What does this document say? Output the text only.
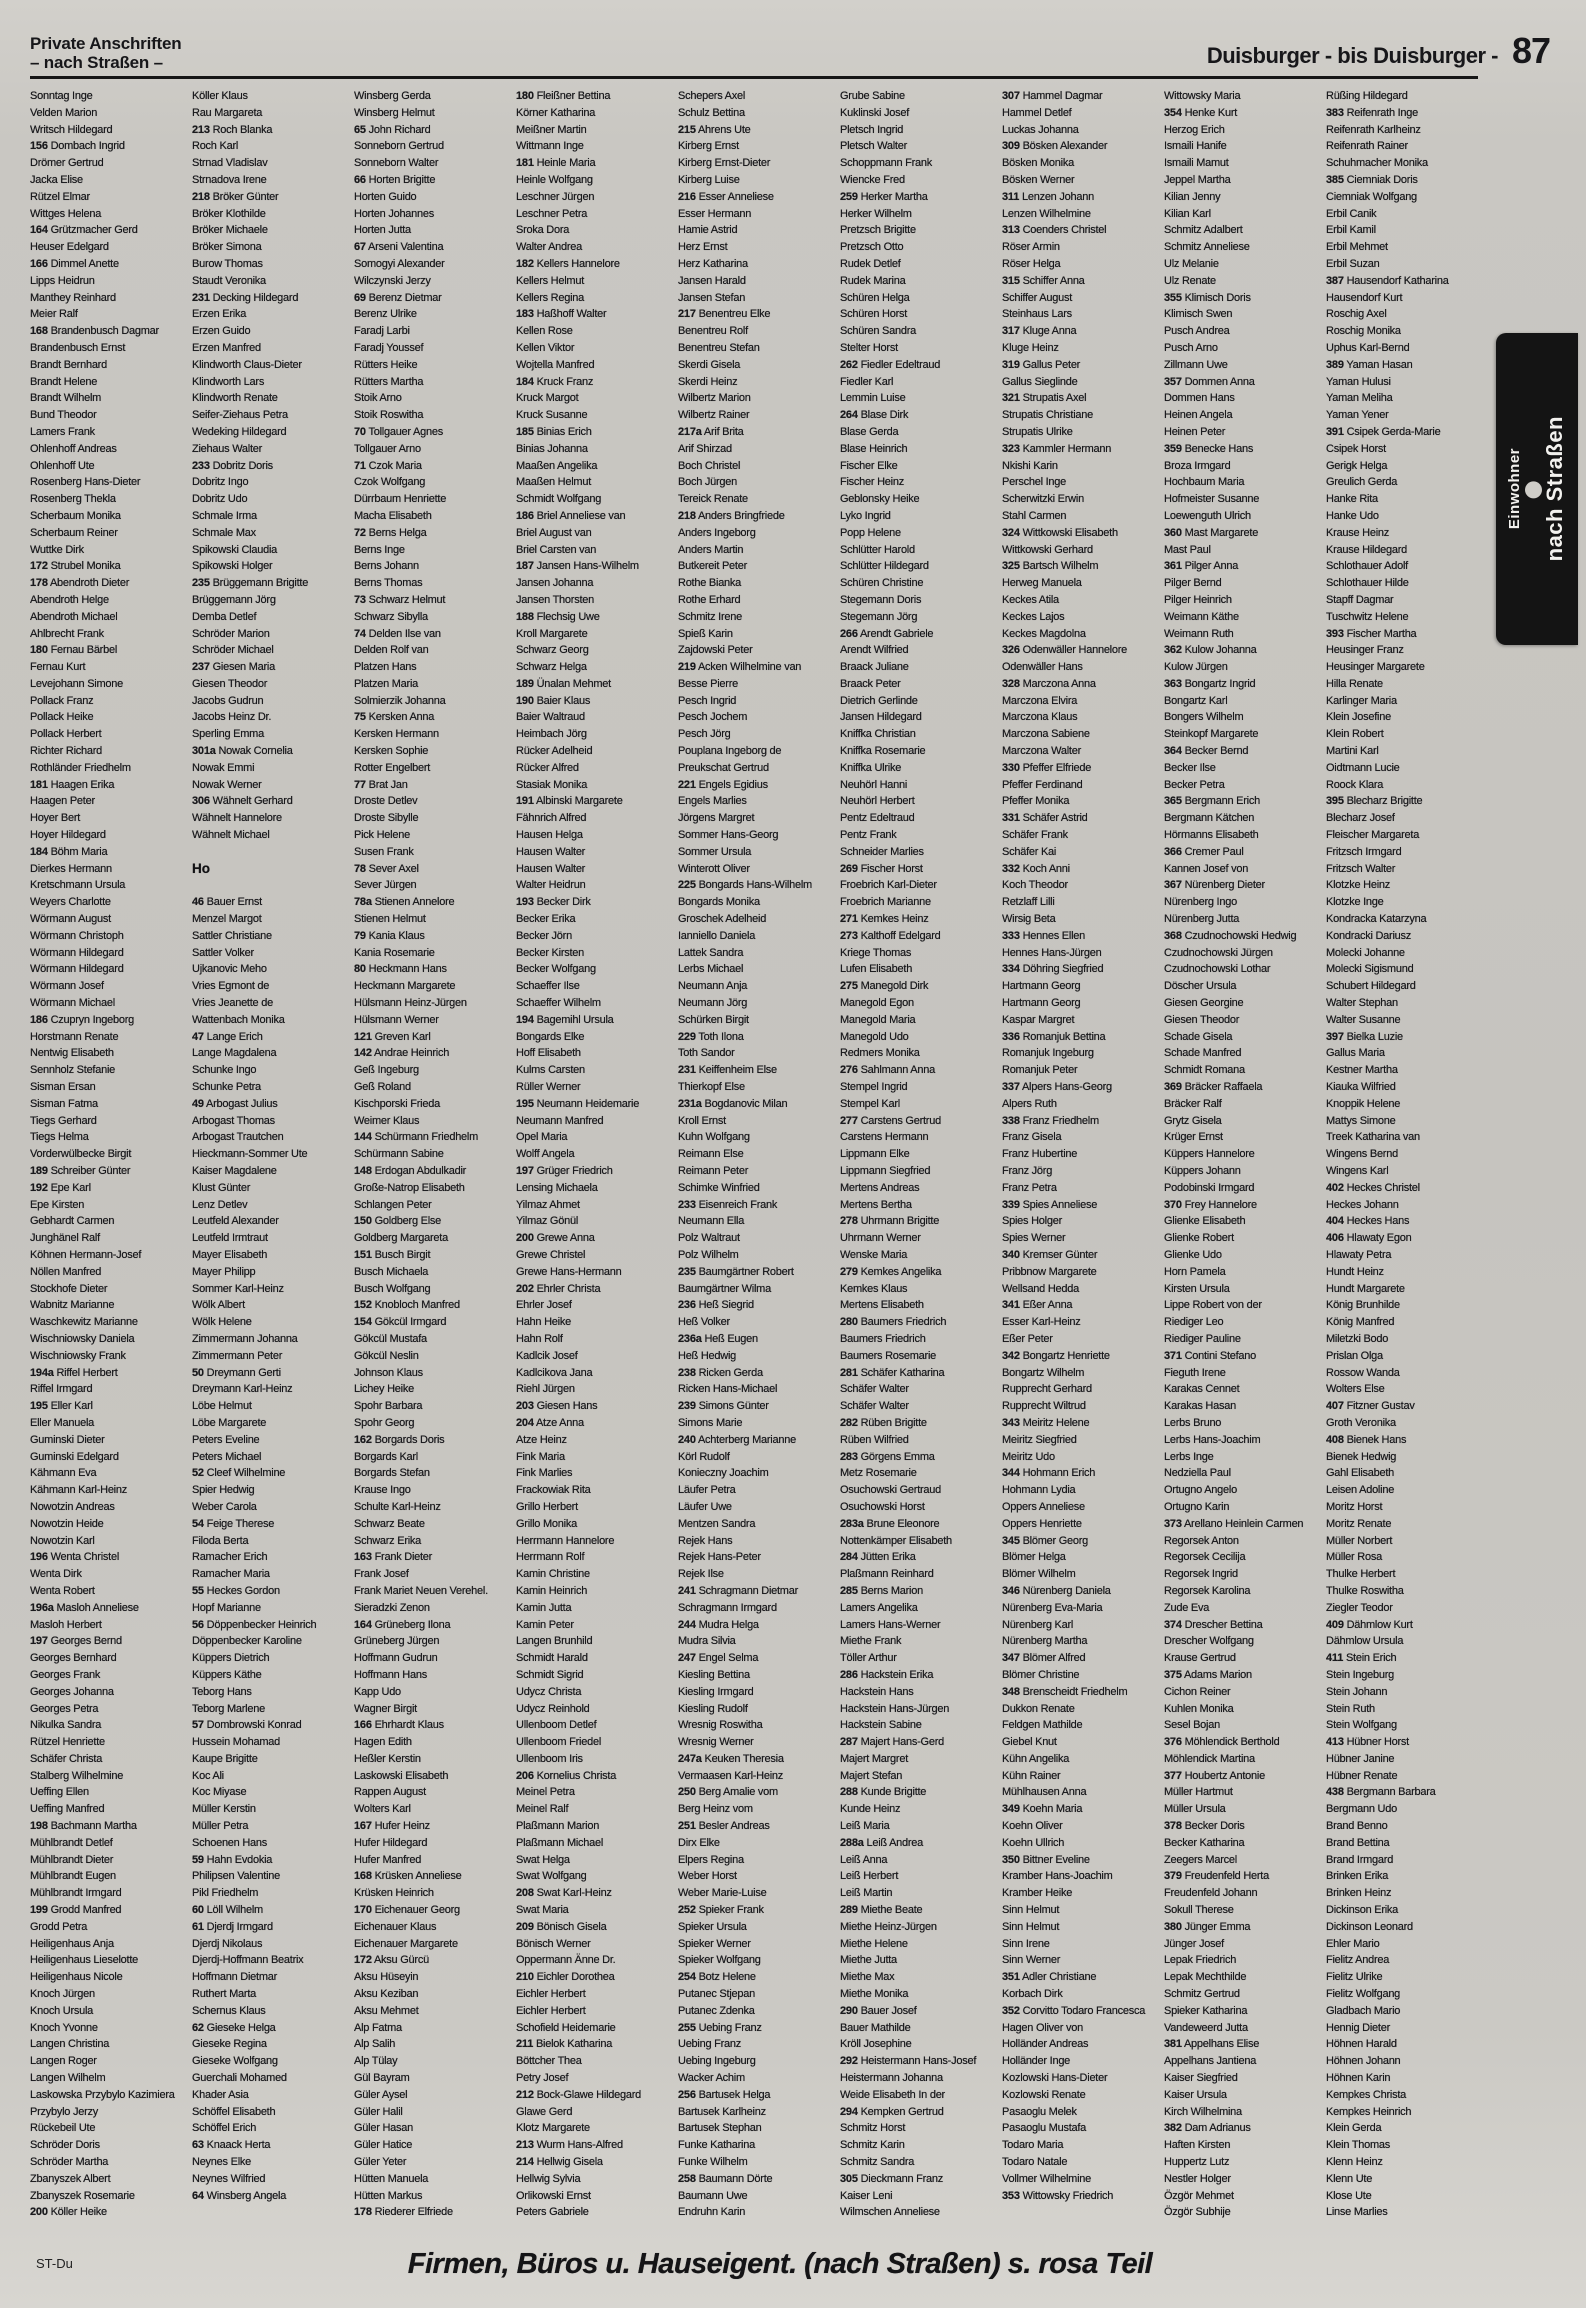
Private Anschriften
– nach Straßen –	Duisburger - bis Duisburger - 87
Sonntag Inge
Velden Marion
Writsch Hildegard
156 Dombach Ingrid
Drömer Gertrud
Jacka Elise
Rützel Elmar
Wittges Helena
164 Grützmacher Gerd
Heuser Edelgard
166 Dimmel Anette
Lipps Heidrun
Manthey Reinhard
Meier Ralf
168 Brandenbusch Dagmar
Brandenbusch Ernst
Brandt Bernhard
Brandt Helene
Brandt Wilhelm
Bund Theodor
Lamers Frank
Ohlenhoff Andreas
Ohlenhoff Ute
Rosenberg Hans-Dieter
Rosenberg Thekla
Scherbaum Monika
Scherbaum Reiner
Wuttke Dirk
172 Strubel Monika
178 Abendroth Dieter
Abendroth Helge
Abendroth Michael
Ahlbrecht Frank
180 Fernau Bärbel
Fernau Kurt
Levejohann Simone
Pollack Franz
Pollack Heike
Pollack Herbert
Richter Richard
Rothländer Friedhelm
181 Haagen Erika
Haagen Peter
Hoyer Bert
Hoyer Hildegard
184 Böhm Maria
Dierkes Hermann
Kretschmann Ursula
Weyers Charlotte
Wörmann August
Wörmann Christoph
Wörmann Hildegard
Wörmann Hildegard
Wörmann Josef
Wörmann Michael
186 Czupryn Ingeborg
Horstmann Renate
Nentwig Elisabeth
Sennholz Stefanie
Sisman Ersan
Sisman Fatma
Tiegs Gerhard
Tiegs Helma
Vorderwülbecke Birgit
189 Schreiber Günter
192 Epe Karl
Epe Kirsten
Gebhardt Carmen
Junghänel Ralf
Köhnen Hermann-Josef
Nöllen Manfred
Stockhofe Dieter
Wabnitz Marianne
Waschkewitz Marianne
Wischniowsky Daniela
Wischniowsky Frank
194a Riffel Herbert
Riffel Irmgard
195 Eller Karl
Eller Manuela
Guminski Dieter
Guminski Edelgard
Kähmann Eva
Kähmann Karl-Heinz
Nowotzin Andreas
Nowotzin Heide
Nowotzin Karl
196 Wenta Christel
Wenta Dirk
Wenta Robert
196a Masloh Anneliese
Masloh Herbert
197 Georges Bernd
Georges Bernhard
Georges Frank
Georges Johanna
Georges Petra
Nikulka Sandra
Rützel Henriette
Schäfer Christa
Stalberg Wilhelmine
Ueffing Ellen
Ueffing Manfred
198 Bachmann Martha
Mühlbrandt Detlef
Mühlbrandt Dieter
Mühlbrandt Eugen
Mühlbrandt Irmgard
199 Grodd Manfred
Grodd Petra
Heiligenhaus Anja
Heiligenhaus Lieselotte
Heiligenhaus Nicole
Knoch Jürgen
Knoch Ursula
Knoch Yvonne
Langen Christina
Langen Roger
Langen Wilhelm
Laskowska Przybylo Kazimiera
Przybylo Jerzy
Rückebeil Ute
Schröder Doris
Schröder Martha
Zbanyszek Albert
Zbanyszek Rosemarie
200 Köller Heike
Köller Klaus
Rau Margareta
213 Roch Blanka
Roch Karl
Strnad Vladislav
Strnadova Irene
218 Bröker Günter
Bröker Klothilde
Bröker Michaele
Bröker Simona
Burow Thomas
Staudt Veronika
231 Decking Hildegard
Erzen Erika
Erzen Guido
Erzen Manfred
Klindworth Claus-Dieter
Klindworth Lars
Klindworth Renate
Seifer-Ziehaus Petra
Wedeking Hildegard
Ziehaus Walter
233 Dobritz Doris
Dobritz Ingo
Dobritz Udo
Schmale Irma
Schmale Max
Spikowski Claudia
Spikowski Holger
235 Brüggemann Brigitte
Brüggemann Jörg
Demba Detlef
Schröder Marion
Schröder Michael
237 Giesen Maria
Giesen Theodor
Jacobs Gudrun
Jacobs Heinz Dr.
Sperling Emma
301a Nowak Cornelia
Nowak Emmi
Nowak Werner
306 Wähnelt Gerhard
Wähnelt Hannelore
Wähnelt Michael
Ho
46 Bauer Ernst
Menzel Margot
Sattler Christiane
Sattler Volker
Ujkanovic Meho
Vries Egmont de
Vries Jeanette de
Wattenbach Monika
47 Lange Erich
Lange Magdalena
Schunke Ingo
Schunke Petra
49 Arbogast Julius
Arbogast Thomas
Arbogast Trautchen
Hieckmann-Sommer Ute
Kaiser Magdalene
Klust Günter
Lenz Detlev
Leutfeld Alexander
Leutfeld Irmtraut
Mayer Elisabeth
Mayer Philipp
Sommer Karl-Heinz
Wölk Albert
Wölk Helene
Zimmermann Johanna
Zimmermann Peter
50 Dreymann Gerti
Dreymann Karl-Heinz
Löbe Helmut
Löbe Margarete
Peters Eveline
Peters Michael
52 Cleef Wilhelmine
Spier Hedwig
Weber Carola
54 Feige Therese
Filoda Berta
Ramacher Erich
Ramacher Maria
55 Heckes Gordon
Hopf Marianne
56 Döppenbecker Heinrich
Döppenbecker Karoline
Küppers Dietrich
Küppers Käthe
Teborg Hans
Teborg Marlene
57 Dombrowski Konrad
Hussein Mohamad
Kaupe Brigitte
Koc Ali
Koc Miyase
Müller Kerstin
Müller Petra
Schoenen Hans
59 Hahn Evdokia
Philipsen Valentine
Pikl Friedhelm
60 Löll Wilhelm
61 Djerdj Irmgard
Djerdj Nikolaus
Djerdj-Hoffmann Beatrix
Hoffmann Dietmar
Ruthert Marta
Schernus Klaus
62 Gieseke Helga
Gieseke Regina
Gieseke Wolfgang
Guerchali Mohamed
Khader Asia
Schöffel Elisabeth
Schöffel Erich
63 Knaack Herta
Neynes Elke
Neynes Wilfried
64 Winsberg Angela
Winsberg Gerda
Winsberg Helmut
65 John Richard
Sonneborn Gertrud
Sonneborn Walter
66 Horten Brigitte
Horten Guido
Horten Johannes
Horten Jutta
67 Arseni Valentina
Somogyi Alexander
Wilczynski Jerzy
69 Berenz Dietmar
Berenz Ulrike
Faradj Larbi
Faradj Youssef
Rütters Heike
Rütters Martha
Stoik Arno
Stoik Roswitha
70 Tollgauer Agnes
Tollgauer Arno
71 Czok Maria
Czok Wolfgang
Dürrbaum Henriette
Macha Elisabeth
72 Berns Helga
Berns Inge
Berns Johann
Berns Thomas
73 Schwarz Helmut
Schwarz Sibylla
74 Delden Ilse van
Delden Rolf van
Platzen Hans
Platzen Maria
Solmierzik Johanna
75 Kersken Anna
Kersken Hermann
Kersken Sophie
Rotter Engelbert
77 Brat Jan
Droste Detlev
Droste Sibylle
Pick Helene
Susen Frank
78 Sever Axel
Sever Jürgen
78a Stienen Annelore
Stienen Helmut
79 Kania Klaus
Kania Rosemarie
80 Heckmann Hans
Heckmann Margarete
Hülsmann Heinz-Jürgen
Hülsmann Werner
121 Greven Karl
142 Andrae Heinrich
Geß Ingeburg
Geß Roland
Kischporski Frieda
Weimer Klaus
144 Schürmann Friedhelm
Schürmann Sabine
148 Erdogan Abdulkadir
Große-Natrop Elisabeth
Schlangen Peter
150 Goldberg Else
Goldberg Margareta
151 Busch Birgit
Busch Michaela
Busch Wolfgang
152 Knobloch Manfred
154 Gökcül Irmgard
Gökcül Mustafa
Gökcül Neslin
Johnson Klaus
Lichey Heike
Spohr Barbara
Spohr Georg
162 Borgards Doris
Borgards Karl
Borgards Stefan
Krause Ingo
Schulte Karl-Heinz
Schwarz Beate
Schwarz Erika
163 Frank Dieter
Frank Josef
Frank Mariet Neuen Verehel.
Sieradzki Zenon
164 Grüneberg Ilona
Grüneberg Jürgen
Hoffmann Gudrun
Hoffmann Hans
Kapp Udo
Wagner Birgit
166 Ehrhardt Klaus
Hagen Edith
Heßler Kerstin
Laskowski Elisabeth
Rappen August
Wolters Karl
167 Hufer Heinz
Hufer Hildegard
Hufer Manfred
168 Krüsken Anneliese
Krüsken Heinrich
170 Eichenauer Georg
Eichenauer Klaus
Eichenauer Margarete
172 Aksu Gürcü
Aksu Hüseyin
Aksu Keziban
Aksu Mehmet
Alp Fatma
Alp Salih
Alp Tülay
Gül Bayram
Güler Aysel
Güler Halil
Güler Hasan
Güler Hatice
Güler Yeter
Hütten Manuela
Hütten Markus
178 Riederer Elfriede
180 Fleißner Bettina
Körner Katharina
Meißner Martin
Wittmann Inge
181 Heinle Maria
Heinle Wolfgang
Leschner Jürgen
Leschner Petra
Sroka Dora
Walter Andrea
182 Kellers Hannelore
Kellers Helmut
Kellers Regina
183 Haßhoff Walter
Kellen Rose
Kellen Viktor
Wojtella Manfred
184 Kruck Franz
Kruck Margot
Kruck Susanne
185 Binias Erich
Binias Johanna
Maaßen Angelika
Maaßen Helmut
Schmidt Wolfgang
186 Briel Anneliese van
Briel August van
Briel Carsten van
187 Jansen Hans-Wilhelm
Jansen Johanna
Jansen Thorsten
188 Flechsig Uwe
Kroll Margarete
Schwarz Georg
Schwarz Helga
189 Ünalan Mehmet
190 Baier Klaus
Baier Waltraud
Heimbach Jörg
Rücker Adelheid
Rücker Alfred
Stasiak Monika
191 Albinski Margarete
Fähnrich Alfred
Hausen Helga
Hausen Walter
Hausen Walter
Walter Heidrun
193 Becker Dirk
Becker Erika
Becker Jörn
Becker Kirsten
Becker Wolfgang
Schaeffer Ilse
Schaeffer Wilhelm
194 Bagemihl Ursula
Bongards Elke
Hoff Elisabeth
Kulms Carsten
Rüller Werner
195 Neumann Heidemarie
Neumann Manfred
Opel Maria
Wolff Angela
197 Grüger Friedrich
Lensing Michaela
Yilmaz Ahmet
Yilmaz Gönül
200 Grewe Anna
Grewe Christel
Grewe Hans-Hermann
202 Ehrler Christa
Ehrler Josef
Hahn Heike
Hahn Rolf
Kadlcik Josef
Kadlcikova Jana
Riehl Jürgen
203 Giesen Hans
204 Atze Anna
Atze Heinz
Fink Maria
Fink Marlies
Frackowiak Rita
Grillo Herbert
Grillo Monika
Herrmann Hannelore
Herrmann Rolf
Kamin Christine
Kamin Heinrich
Kamin Jutta
Kamin Peter
Langen Brunhild
Schmidt Harald
Schmidt Sigrid
Udycz Christa
Udycz Reinhold
Ullenboom Detlef
Ullenboom Friedel
Ullenboom Iris
206 Kornelius Christa
Meinel Petra
Meinel Ralf
Plaßmann Marion
Plaßmann Michael
Swat Helga
Swat Wolfgang
208 Swat Karl-Heinz
Swat Maria
209 Bönisch Gisela
Bönisch Werner
Oppermann Änne Dr.
210 Eichler Dorothea
Eichler Herbert
Eichler Herbert
Schofield Heidemarie
211 Bielok Katharina
Böttcher Thea
Petry Josef
212 Bock-Glawe Hildegard
Glawe Gerd
Klotz Margarete
213 Wurm Hans-Alfred
214 Hellwig Gisela
Hellwig Sylvia
Orlikowski Ernst
Peters Gabriele
Schepers Axel
Schulz Bettina
215 Ahrens Ute
Kirberg Ernst
Kirberg Ernst-Dieter
Kirberg Luise
216 Esser Anneliese
Esser Hermann
Hamie Astrid
Herz Ernst
Herz Katharina
Jansen Harald
Jansen Stefan
217 Benentreu Elke
Benentreu Rolf
Benentreu Stefan
Skerdi Gisela
Skerdi Heinz
Wilbertz Marion
Wilbertz Rainer
217a Arif Brita
Arif Shirzad
Boch Christel
Boch Jürgen
Tereick Renate
218 Anders Bringfriede
Anders Ingeborg
Anders Martin
Butkereit Peter
Rothe Bianka
Rothe Erhard
Schmitz Irene
Spieß Karin
Zajdowski Peter
219 Acken Wilhelmine van
Besse Pierre
Pesch Ingrid
Pesch Jochem
Pesch Jörg
Pouplana Ingeborg de
Preukschat Gertrud
221 Engels Egidius
Engels Marlies
Jörgens Margret
Sommer Hans-Georg
Sommer Ursula
Winterott Oliver
225 Bongards Hans-Wilhelm
Bongards Monika
Groschek Adelheid
Ianniello Daniela
Lattek Sandra
Lerbs Michael
Neumann Anja
Neumann Jörg
Schürken Birgit
229 Toth Ilona
Toth Sandor
231 Keiffenheim Else
Thierkopf Else
231a Bogdanovic Milan
Kroll Ernst
Kuhn Wolfgang
Reimann Else
Reimann Peter
Schimke Winfried
233 Eisenreich Frank
Neumann Ella
Polz Waltraut
Polz Wilhelm
235 Baumgärtner Robert
Baumgärtner Wilma
236 Heß Siegrid
Heß Volker
236a Heß Eugen
Heß Hedwig
238 Ricken Gerda
Ricken Hans-Michael
239 Simons Günter
Simons Marie
240 Achterberg Marianne
Körl Rudolf
Konieczny Joachim
Läufer Petra
Läufer Uwe
Mentzen Sandra
Rejek Hans
Rejek Hans-Peter
Rejek Ilse
241 Schragmann Dietmar
Schragmann Irmgard
244 Mudra Helga
Mudra Silvia
247 Engel Selma
Kiesling Bettina
Kiesling Irmgard
Kiesling Rudolf
Wresnig Roswitha
Wresnig Werner
247a Keuken Theresia
Vermaasen Karl-Heinz
250 Berg Amalie vom
Berg Heinz vom
251 Besler Andreas
Dirx Elke
Elpers Regina
Weber Horst
Weber Marie-Luise
252 Spieker Frank
Spieker Ursula
Spieker Werner
Spieker Wolfgang
254 Botz Helene
Putanec Stjepan
Putanec Zdenka
255 Uebing Franz
Uebing Franz
Uebing Ingeburg
Wacker Achim
256 Bartusek Helga
Bartusek Karlheinz
Bartusek Stephan
Funke Katharina
Funke Wilhelm
258 Baumann Dörte
Baumann Uwe
Endruhn Karin
Grube Sabine
Kuklinski Josef
Pletsch Ingrid
Pletsch Walter
Schoppmann Frank
Wiencke Fred
259 Herker Martha
Herker Wilhelm
Pretzsch Brigitte
Pretzsch Otto
Rudek Detlef
Rudek Marina
Schüren Helga
Schüren Horst
Schüren Sandra
Stelter Horst
262 Fiedler Edeltraud
Fiedler Karl
Lemmin Luise
264 Blase Dirk
Blase Gerda
Blase Heinrich
Fischer Elke
Fischer Heinz
Geblonsky Heike
Lyko Ingrid
Popp Helene
Schlütter Harold
Schlütter Hildegard
Schüren Christine
Stegemann Doris
Stegemann Jörg
266 Arendt Gabriele
Arendt Wilfried
Braack Juliane
Braack Peter
Dietrich Gerlinde
Jansen Hildegard
Kniffka Christian
Kniffka Rosemarie
Kniffka Ulrike
Neuhörl Hanni
Neuhörl Herbert
Pentz Edeltraud
Pentz Frank
Schneider Marlies
269 Fischer Horst
Froebrich Karl-Dieter
Froebrich Marianne
271 Kemkes Heinz
273 Kalthoff Edelgard
Kriege Thomas
Lufen Elisabeth
275 Manegold Dirk
Manegold Egon
Manegold Maria
Manegold Udo
Redmers Monika
276 Sahlmann Anna
Stempel Ingrid
Stempel Karl
277 Carstens Gertrud
Carstens Hermann
Lippmann Elke
Lippmann Siegfried
Mertens Andreas
Mertens Bertha
278 Uhrmann Brigitte
Uhrmann Werner
Wenske Maria
279 Kemkes Angelika
Kemkes Klaus
Mertens Elisabeth
280 Baumers Friedrich
Baumers Friedrich
Baumers Rosemarie
281 Schäfer Katharina
Schäfer Walter
Schäfer Walter
282 Rüben Brigitte
Rüben Wilfried
283 Görgens Emma
Metz Rosemarie
Osuchowski Gertraud
Osuchowski Horst
283a Brune Eleonore
Nottenkämper Elisabeth
284 Jütten Erika
Plaßmann Reinhard
285 Berns Marion
Lamers Angelika
Lamers Hans-Werner
Miethe Frank
Töller Arthur
286 Hackstein Erika
Hackstein Hans
Hackstein Hans-Jürgen
Hackstein Sabine
287 Majert Hans-Gerd
Majert Margret
Majert Stefan
288 Kunde Brigitte
Kunde Heinz
Leiß Maria
288a Leiß Andrea
Leiß Anna
Leiß Herbert
Leiß Martin
289 Miethe Beate
Miethe Heinz-Jürgen
Miethe Helene
Miethe Jutta
Miethe Max
Miethe Monika
290 Bauer Josef
Bauer Mathilde
Kröll Josephine
292 Heistermann Hans-Josef
Heistermann Johanna
Weide Elisabeth In der
294 Kempken Gertrud
Schmitz Horst
Schmitz Karin
Schmitz Sandra
305 Dieckmann Franz
Kaiser Leni
Wilmschen Anneliese
307 Hammel Dagmar
Hammel Detlef
Luckas Johanna
309 Bösken Alexander
Bösken Monika
Bösken Werner
311 Lenzen Johann
Lenzen Wilhelmine
313 Coenders Christel
Röser Armin
Röser Helga
315 Schiffer Anna
Schiffer August
Steinhaus Lars
317 Kluge Anna
Kluge Heinz
319 Gallus Peter
Gallus Sieglinde
321 Strupatis Axel
Strupatis Christiane
Strupatis Ulrike
323 Kammler Hermann
Nkishi Karin
Perschel Inge
Scherwitzki Erwin
Stahl Carmen
324 Wittkowski Elisabeth
Wittkowski Gerhard
325 Bartsch Wilhelm
Herweg Manuela
Keckes Atila
Keckes Lajos
Keckes Magdolna
326 Odenwäller Hannelore
Odenwäller Hans
328 Marczona Anna
Marczona Elvira
Marczona Klaus
Marczona Sabiene
Marczona Walter
330 Pfeffer Elfriede
Pfeffer Ferdinand
Pfeffer Monika
331 Schäfer Astrid
Schäfer Frank
Schäfer Kai
332 Koch Anni
Koch Theodor
Retzlaff Lilli
Wirsig Beta
333 Hennes Ellen
Hennes Hans-Jürgen
334 Döhring Siegfried
Hartmann Georg
Hartmann Georg
Kaspar Margret
336 Romanjuk Bettina
Romanjuk Ingeburg
Romanjuk Peter
337 Alpers Hans-Georg
Alpers Ruth
338 Franz Friedhelm
Franz Gisela
Franz Hubertine
Franz Jörg
Franz Petra
339 Spies Anneliese
Spies Holger
Spies Werner
340 Kremser Günter
Pribbnow Margarete
Wellsand Hedda
341 Eßer Anna
Esser Karl-Heinz
Eßer Peter
342 Bongartz Henriette
Bongartz Wilhelm
Rupprecht Gerhard
Rupprecht Wiltrud
343 Meiritz Helene
Meiritz Siegfried
Meiritz Udo
344 Hohmann Erich
Hohmann Lydia
Oppers Anneliese
Oppers Henriette
345 Blömer Georg
Blömer Helga
Blömer Wilhelm
346 Nürenberg Daniela
Nürenberg Eva-Maria
Nürenberg Karl
Nürenberg Martha
347 Blömer Alfred
Blömer Christine
348 Brenscheidt Friedhelm
Dukkon Renate
Feldgen Mathilde
Giebel Knut
Kühn Angelika
Kühn Rainer
Mühlhausen Anna
349 Koehn Maria
Koehn Oliver
Koehn Ullrich
350 Bittner Eveline
Kramber Hans-Joachim
Kramber Heike
Sinn Helmut
Sinn Helmut
Sinn Irene
Sinn Werner
351 Adler Christiane
Korbach Dirk
352 Corvitto Todaro Francesca
Hagen Oliver von
Holländer Andreas
Holländer Inge
Kozlowski Hans-Dieter
Kozlowski Renate
Pasaoglu Melek
Pasaoglu Mustafa
Todaro Maria
Todaro Natale
Vollmer Wilhelmine
353 Wittowsky Friedrich
Wittowsky Maria
354 Henke Kurt
Herzog Erich
Ismaili Hanife
Ismaili Mamut
Jeppel Martha
Kilian Jenny
Kilian Karl
Schmitz Adalbert
Schmitz Anneliese
Ulz Melanie
Ulz Renate
355 Klimisch Doris
Klimisch Swen
Pusch Andrea
Pusch Arno
Zillmann Uwe
357 Dommen Anna
Dommen Hans
Heinen Angela
Heinen Peter
359 Benecke Hans
Broza Irmgard
Hochbaum Maria
Hofmeister Susanne
Loewenguth Ulrich
360 Mast Margarete
Mast Paul
361 Pilger Anna
Pilger Bernd
Pilger Heinrich
Weimann Käthe
Weimann Ruth
362 Kulow Johanna
Kulow Jürgen
363 Bongartz Ingrid
Bongartz Karl
Bongers Wilhelm
Steinkopf Margarete
364 Becker Bernd
Becker Ilse
Becker Petra
365 Bergmann Erich
Bergmann Kätchen
Hörmanns Elisabeth
366 Cremer Paul
Kannen Josef von
367 Nürenberg Dieter
Nürenberg Ingo
Nürenberg Jutta
368 Czudnochowski Hedwig
Czudnochowski Jürgen
Czudnochowski Lothar
Döscher Ursula
Giesen Georgine
Giesen Theodor
Schade Gisela
Schade Manfred
Schmidt Romana
369 Bräcker Raffaela
Bräcker Ralf
Grytz Gisela
Krüger Ernst
Küppers Hannelore
Küppers Johann
Podobinski Irmgard
370 Frey Hannelore
Glienke Elisabeth
Glienke Robert
Glienke Udo
Horn Pamela
Kirsten Ursula
Lippe Robert von der
Riediger Leo
Riediger Pauline
371 Contini Stefano
Fieguth Irene
Karakas Cennet
Karakas Hasan
Lerbs Bruno
Lerbs Hans-Joachim
Lerbs Inge
Nedziella Paul
Ortugno Angelo
Ortugno Karin
373 Arellano Heinlein Carmen
Regorsek Anton
Regorsek Cecilija
Regorsek Ingrid
Regorsek Karolina
Zude Eva
374 Drescher Bettina
Drescher Wolfgang
Krause Gertrud
375 Adams Marion
Cichon Reiner
Kuhlen Monika
Sesel Bojan
376 Möhlendick Berthold
Möhlendick Martina
377 Houbertz Antonie
Müller Hartmut
Müller Ursula
378 Becker Doris
Becker Katharina
Zeegers Marcel
379 Freudenfeld Herta
Freudenfeld Johann
Sokull Therese
380 Jünger Emma
Jünger Josef
Lepak Friedrich
Lepak Mechthilde
Schmitz Gertrud
Spieker Katharina
Vandeweerd Jutta
381 Appelhans Elise
Appelhans Jantiena
Kaiser Siegfried
Kaiser Ursula
Kirch Wilhelmina
382 Dam Adrianus
Haften Kirsten
Huppertz Lutz
Nestler Holger
Özgör Mehmet
Özgör Subhije
Rüßing Hildegard
383 Reifenrath Inge
Reifenrath Karlheinz
Reifenrath Rainer
Schuhmacher Monika
385 Ciemniak Doris
Ciemniak Wolfgang
Erbil Canik
Erbil Kamil
Erbil Mehmet
Erbil Suzan
387 Hausendorf Katharina
Hausendorf Kurt
Roschig Axel
Roschig Monika
Uphus Karl-Bernd
389 Yaman Hasan
Yaman Hulusi
Yaman Meliha
Yaman Yener
391 Csipek Gerda-Marie
Csipek Horst
Gerigk Helga
Greulich Gerda
Hanke Rita
Hanke Udo
Krause Heinz
Krause Hildegard
Schlothauer Adolf
Schlothauer Hilde
Stapff Dagmar
Tuschwitz Helene
393 Fischer Martha
Heusinger Franz
Heusinger Margarete
Hilla Renate
Karlinger Maria
Klein Josefine
Klein Robert
Martini Karl
Oidtmann Lucie
Roock Klara
395 Blecharz Brigitte
Blecharz Josef
Fleischer Margareta
Fritzsch Irmgard
Fritzsch Walter
Klotzke Heinz
Klotzke Inge
Kondracka Katarzyna
Kondracki Dariusz
Molecki Johanne
Molecki Sigismund
Schubert Hildegard
Walter Stephan
Walter Susanne
397 Bielka Luzie
Gallus Maria
Kestner Martha
Kiauka Wilfried
Knoppik Helene
Mattys Simone
Treek Katharina van
Wingens Bernd
Wingens Karl
402 Heckes Christel
Heckes Johann
404 Heckes Hans
406 Hlawaty Egon
Hlawaty Petra
Hundt Heinz
Hundt Margarete
König Brunhilde
König Manfred
Miletzki Bodo
Prislan Olga
Rossow Wanda
Wolters Else
407 Fitzner Gustav
Groth Veronika
408 Bienek Hans
Bienek Hedwig
Gahl Elisabeth
Leisen Adoline
Moritz Horst
Moritz Renate
Müller Norbert
Müller Rosa
Thulke Herbert
Thulke Roswitha
Ziegler Teodor
409 Dähmlow Kurt
Dähmlow Ursula
411 Stein Erich
Stein Ingeburg
Stein Johann
Stein Ruth
Stein Wolfgang
413 Hübner Horst
Hübner Janine
Hübner Renate
438 Bergmann Barbara
Bergmann Udo
Brand Benno
Brand Bettina
Brand Irmgard
Brinken Erika
Brinken Heinz
Dickinson Erika
Dickinson Leonard
Ehler Mario
Fielitz Andrea
Fielitz Ulrike
Fielitz Wolfgang
Gladbach Mario
Hennig Dieter
Höhnen Harald
Höhnen Johann
Höhnen Karin
Kempkes Christa
Kempkes Heinrich
Klein Gerda
Klein Thomas
Klenn Heinz
Klenn Ute
Klose Ute
Linse Marlies
Einwohner nach Straßen
ST-Du	Firmen, Büros u. Hauseigent. (nach Straßen) s. rosa Teil
